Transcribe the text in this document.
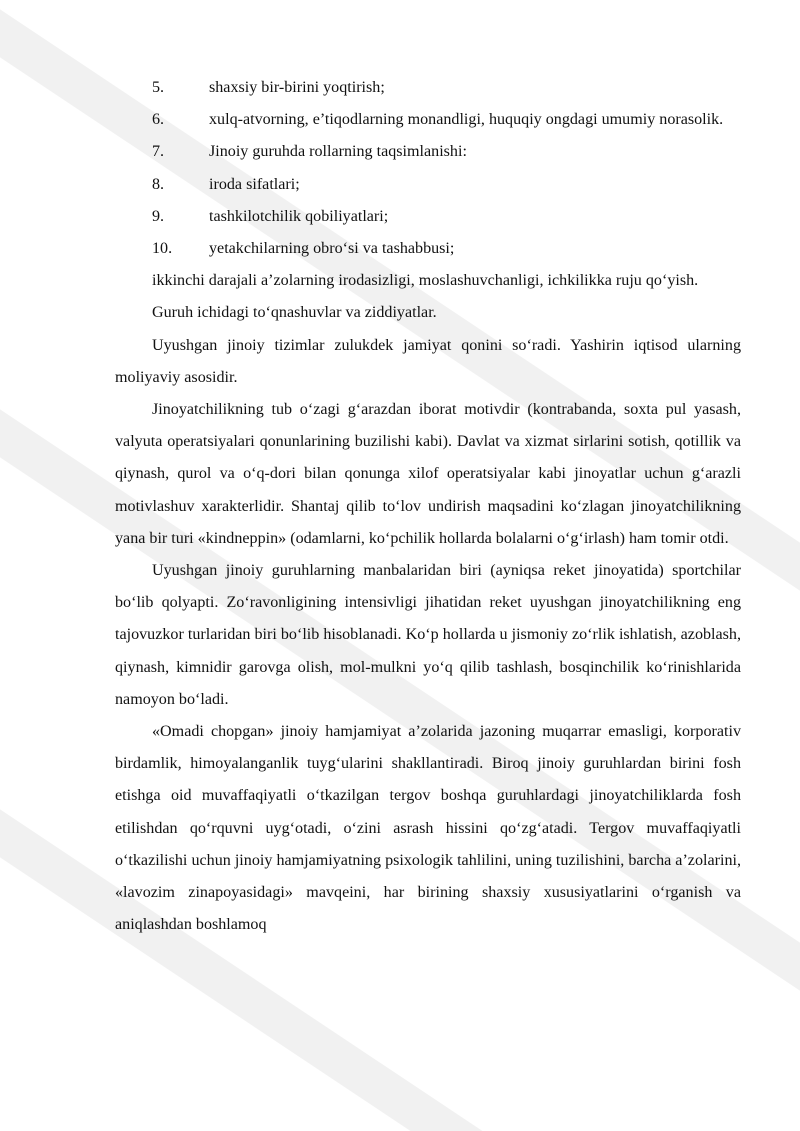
5.	shaxsiy bir-birini yoqtirish;
6.	xulq-atvorning, e’tiqodlarning monandligi, huquqiy ongdagi umumiy norasolik.
7.	Jinoiy guruhda rollarning taqsimlanishi:
8.	iroda sifatlari;
9.	tashkilotchilik qobiliyatlari;
10.	yetakchilarning obro‘si va tashabbusi;

ikkinchi darajali a’zolarning irodasizligi, moslashuvchanligi, ichkilikka ruju qo‘yish.

Guruh ichidagi to‘qnashuvlar va ziddiyatlar.

Uyushgan jinoiy tizimlar zulukdek jamiyat qonini so‘radi. Yashirin iqtisod ularning moliyaviy asosidir.

Jinoyatchilikning tub o‘zagi g‘arazdan iborat motivdir (kontrabanda, soxta pul yasash, valyuta operatsiyalari qonunlarining buzilishi kabi). Davlat va xizmat sirlarini sotish, qotillik va qiynash, qurol va o‘q-dori bilan qonunga xilof operatsiyalar kabi jinoyatlar uchun g‘arazli motivlashuv xarakterlidir. Shantaj qilib to‘lov undirish maqsadini ko‘zlagan jinoyatchilikning yana bir turi «kindneppin» (odamlarni, ko‘pchilik hollarda bolalarni o‘g‘irlash) ham tomir otdi.

Uyushgan jinoiy guruhlarning manbalaridan biri (ayniqsa reket jinoyatida) sportchilar bo‘lib qolyapti. Zo‘ravonligining intensivligi jihatidan reket uyushgan jinoyatchilikning eng tajovuzkor turlaridan biri bo‘lib hisoblanadi. Ko‘p hollarda u jismoniy zo‘rlik ishlatish, azoblash, qiynash, kimnidir garovga olish, mol-mulkni yo‘q qilib tashlash, bosqinchilik ko‘rinishlarida namoyon bo‘ladi.

«Omadi chopgan» jinoiy hamjamiyat a’zolarida jazoning muqarrar emasligi, korporativ birdamlik, himoyalanganlik tuyg‘ularini shakllantiradi. Biroq jinoiy guruhlardan birini fosh etishga oid muvaffaqiyatli o‘tkazilgan tergov boshqa guruhlardagi jinoyatchiliklarda fosh etilishdan qo‘rquvni uyg‘otadi, o‘zini asrash hissini qo‘zg‘atadi. Tergov muvaffaqiyatli o‘tkazilishi uchun jinoiy hamjamiyatning psixologik tahlilini, uning tuzilishini, barcha a’zolarini, «lavozim zinapoyasidagi» mavqeini, har birining shaxsiy xususiyatlarini o‘rganish va aniqlashdan boshlamoq
